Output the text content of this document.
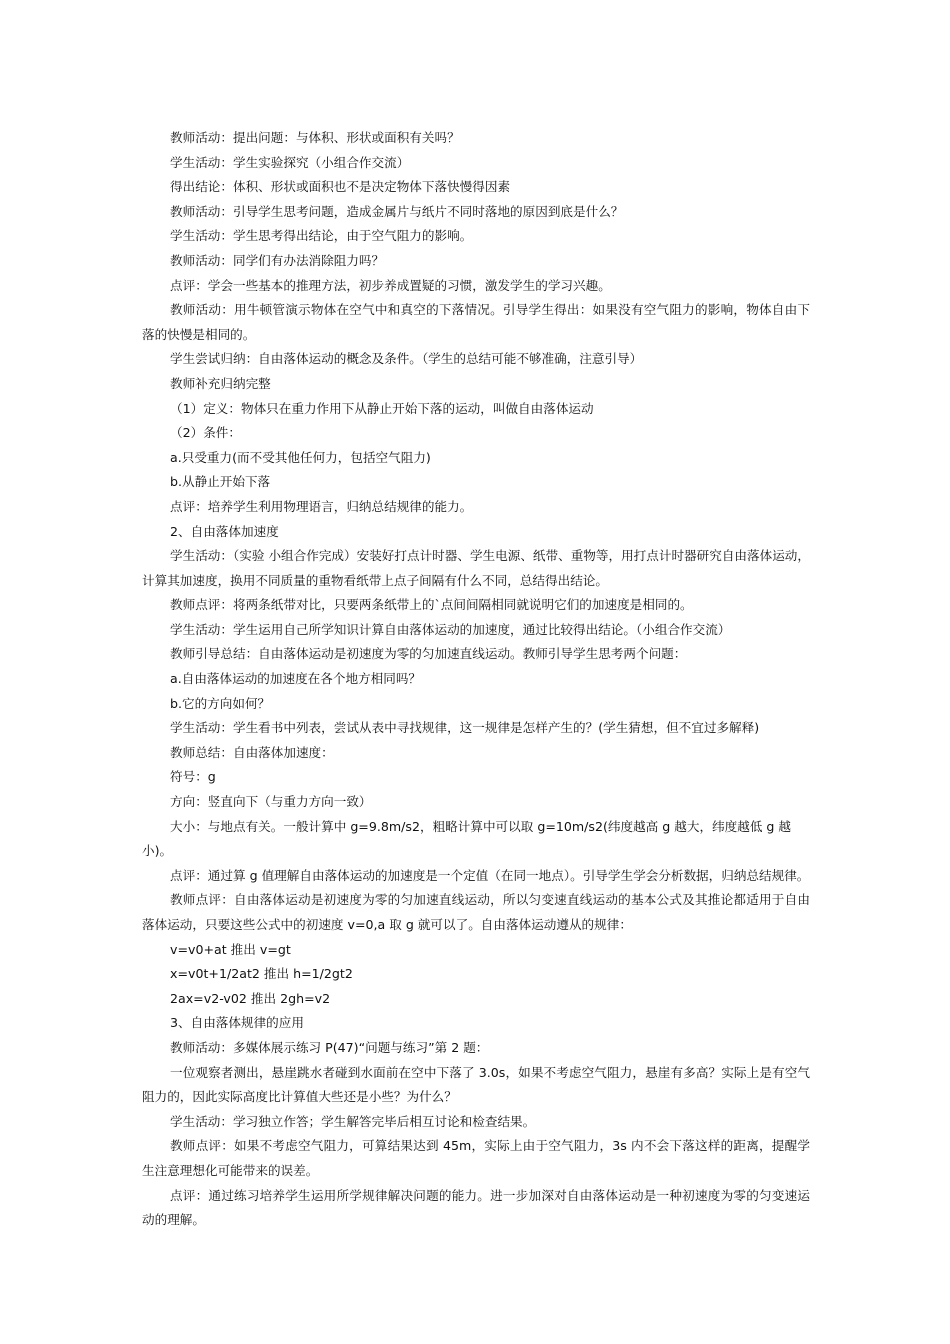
教师活动：提出问题：与体积、形状或面积有关吗？

学生活动：学生实验探究（小组合作交流）

得出结论：体积、形状或面积也不是决定物体下落快慢得因素

教师活动：引导学生思考问题，造成金属片与纸片不同时落地的原因到底是什么？

学生活动：学生思考得出结论，由于空气阻力的影响。

教师活动：同学们有办法消除阻力吗？

点评：学会一些基本的推理方法，初步养成置疑的习惯，激发学生的学习兴趣。

教师活动：用牛顿管演示物体在空气中和真空的下落情况。引导学生得出：如果没有空气阻力的影响，物体自由下落的快慢是相同的。

学生尝试归纳：自由落体运动的概念及条件。（学生的总结可能不够准确，注意引导）

教师补充归纳完整

（1）定义：物体只在重力作用下从静止开始下落的运动，叫做自由落体运动

（2）条件：

a.只受重力(而不受其他任何力，包括空气阻力)

b.从静止开始下落

点评：培养学生利用物理语言，归纳总结规律的能力。

2、自由落体加速度

学生活动：（实验 小组合作完成）安装好打点计时器、学生电源、纸带、重物等，用打点计时器研究自由落体运动，计算其加速度，换用不同质量的重物看纸带上点子间隔有什么不同，总结得出结论。

教师点评：将两条纸带对比，只要两条纸带上的`点间间隔相同就说明它们的加速度是相同的。

学生活动：学生运用自己所学知识计算自由落体运动的加速度，通过比较得出结论。（小组合作交流）

教师引导总结：自由落体运动是初速度为零的匀加速直线运动。教师引导学生思考两个问题：

a.自由落体运动的加速度在各个地方相同吗？

b.它的方向如何？

学生活动：学生看书中列表，尝试从表中寻找规律，这一规律是怎样产生的？(学生猜想，但不宜过多解释)

教师总结：自由落体加速度：

符号：g

方向：竖直向下（与重力方向一致）

大小：与地点有关。一般计算中 g=9.8m/s2，粗略计算中可以取 g=10m/s2(纬度越高 g 越大，纬度越低 g 越小)。

点评：通过算 g 值理解自由落体运动的加速度是一个定值（在同一地点）。引导学生学会分析数据，归纳总结规律。

教师点评：自由落体运动是初速度为零的匀加速直线运动，所以匀变速直线运动的基本公式及其推论都适用于自由落体运动，只要这些公式中的初速度 v=0,a 取 g 就可以了。自由落体运动遵从的规律：

v=v0+at 推出 v=gt

x=v0t+1/2at2 推出 h=1/2gt2

2ax=v2-v02 推出 2gh=v2

3、自由落体规律的应用

教师活动：多媒体展示练习 P(47)“问题与练习”第 2 题：

一位观察者测出，悬崖跳水者碰到水面前在空中下落了 3.0s，如果不考虑空气阻力，悬崖有多高？实际上是有空气阻力的，因此实际高度比计算值大些还是小些？为什么？

学生活动：学习独立作答；学生解答完毕后相互讨论和检查结果。

教师点评：如果不考虑空气阻力，可算结果达到 45m，实际上由于空气阻力，3s 内不会下落这样的距离，提醒学生注意理想化可能带来的误差。

点评：通过练习培养学生运用所学规律解决问题的能力。进一步加深对自由落体运动是一种初速度为零的匀变速运动的理解。
